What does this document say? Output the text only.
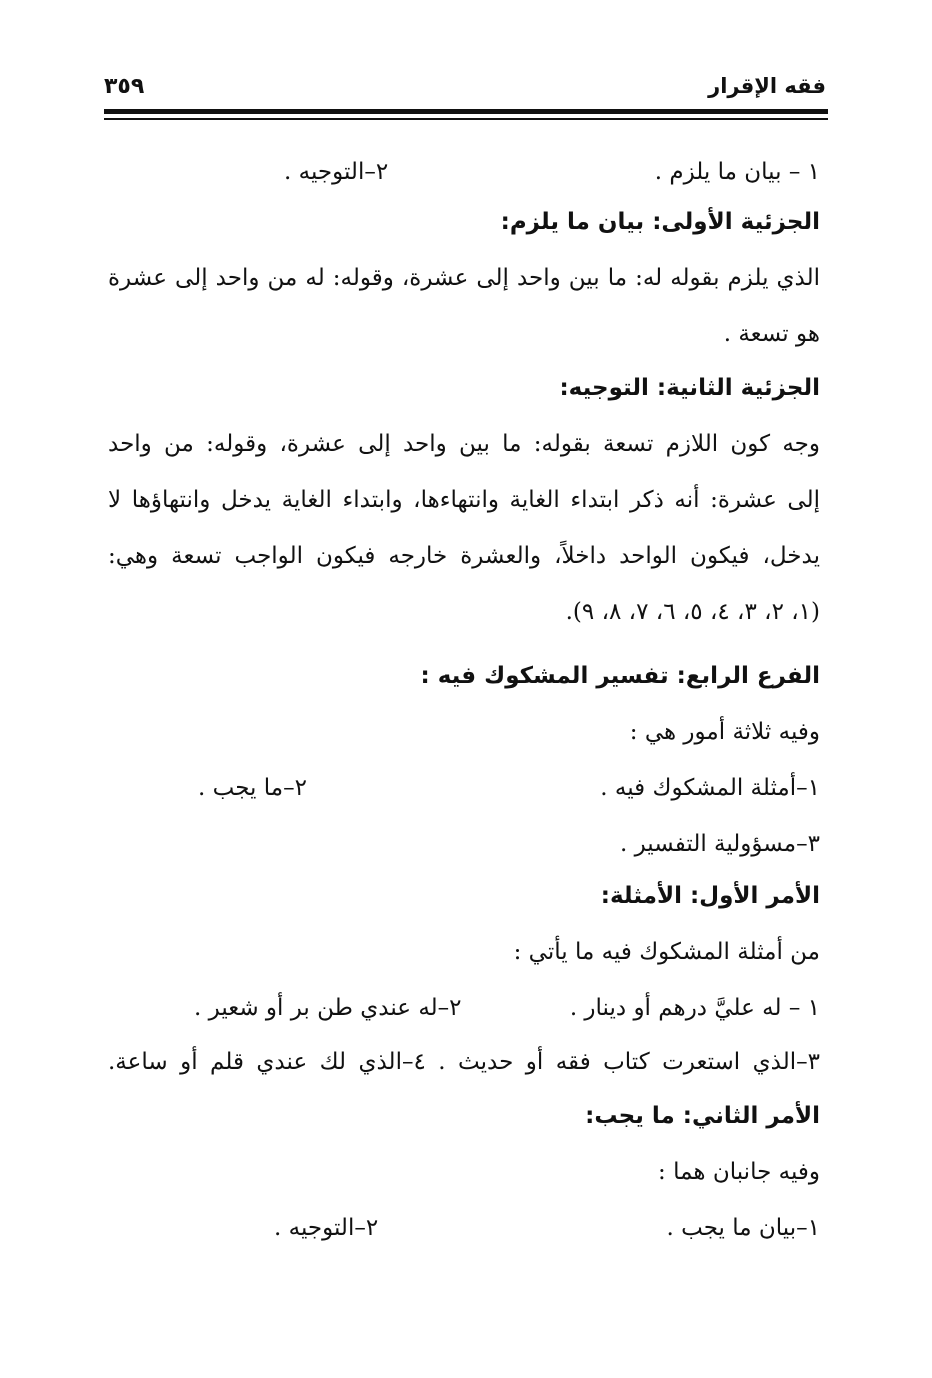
فقه الإقرار
٣٥٩
١ – بيان ما يلزم .
٢–التوجيه .
الجزئية الأولى: بيان ما يلزم:
الذي يلزم بقوله له: ما بين واحد إلى عشرة، وقوله: له من واحد إلى عشرة
هو تسعة .
الجزئية الثانية: التوجيه:
وجه كون اللازم تسعة بقوله: ما بين واحد إلى عشرة، وقوله: من واحد
إلى عشرة: أنه ذكر ابتداء الغاية وانتهاءها، وابتداء الغاية يدخل وانتهاؤها لا
يدخل، فيكون الواحد داخلاً، والعشرة خارجه فيكون الواجب تسعة وهي:
(١، ٢، ٣، ٤، ٥، ٦، ٧، ٨، ٩).
الفرع الرابع: تفسير المشكوك فيه :
وفيه ثلاثة أمور هي :
١–أمثلة المشكوك فيه .
٢–ما يجب .
٣–مسؤولية التفسير .
الأمر الأول: الأمثلة:
من أمثلة المشكوك فيه ما يأتي :
١ – له عليَّ درهم أو دينار .
٢–له عندي طن بر أو شعير .
٣–الذي استعرت كتاب فقه أو حديث . ٤–الذي لك عندي قلم أو ساعة.
الأمر الثاني: ما يجب:
وفيه جانبان هما :
١–بيان ما يجب .
٢–التوجيه .
